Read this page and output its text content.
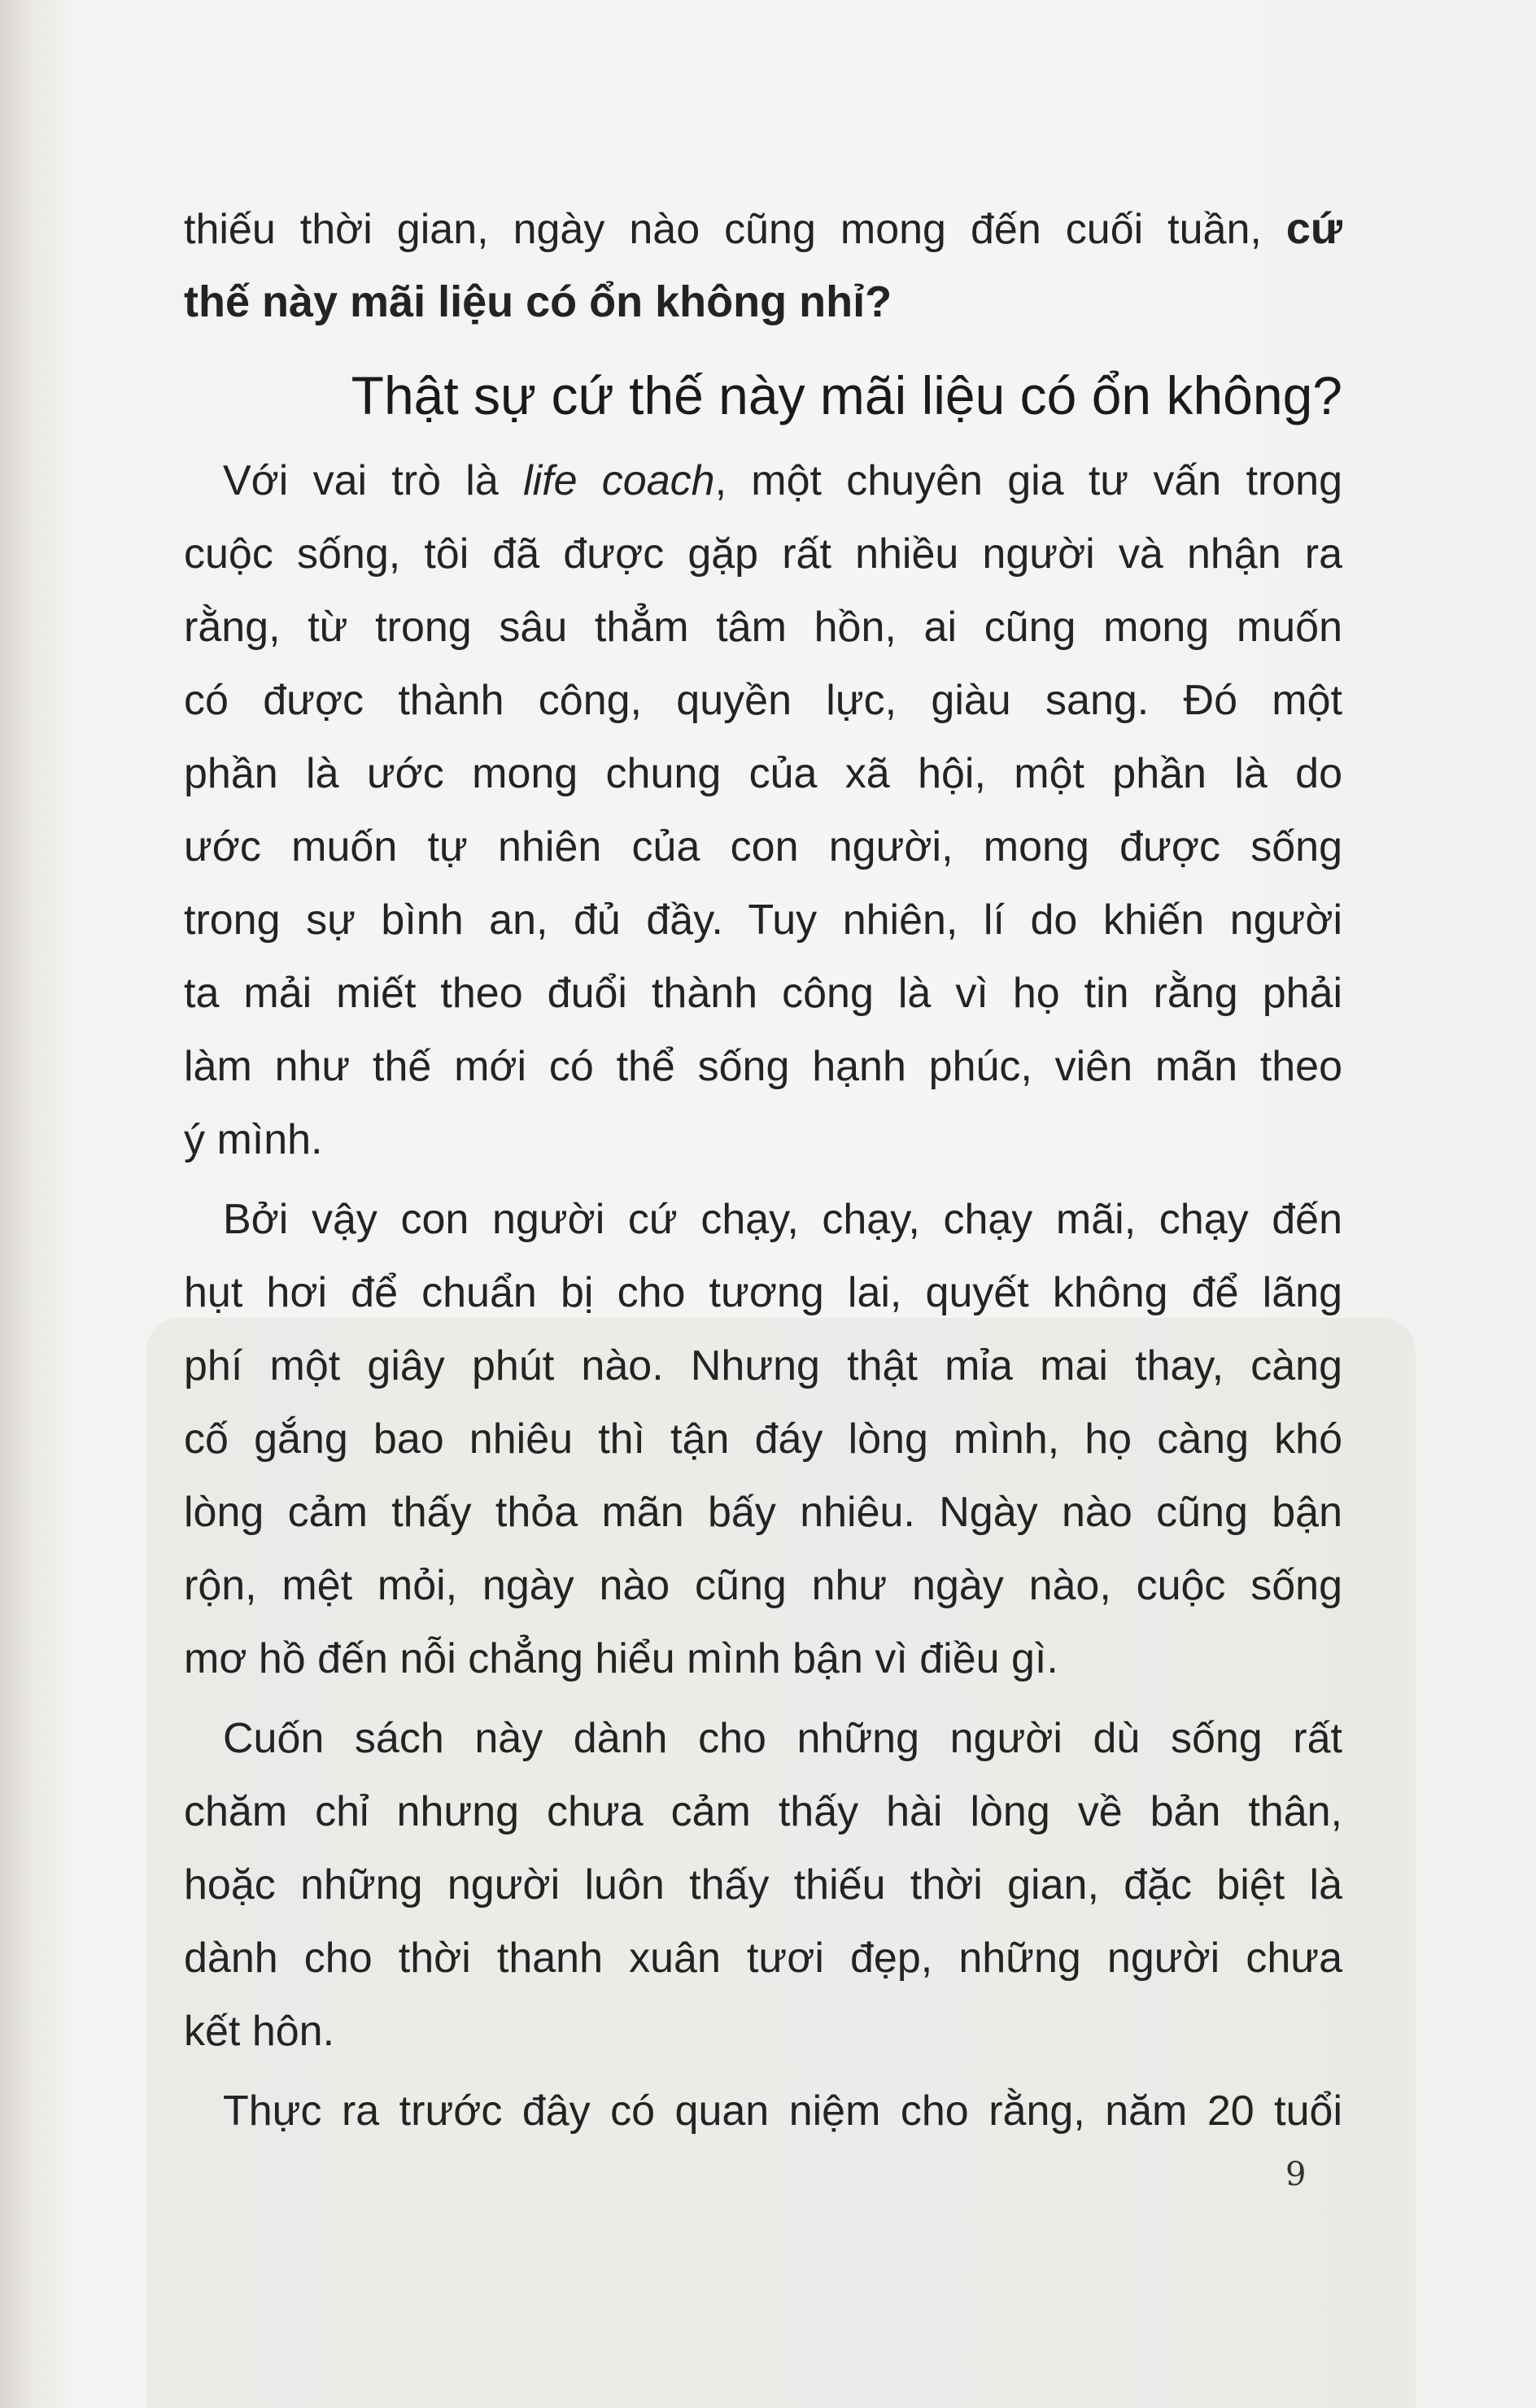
thiếu thời gian, ngày nào cũng mong đến cuối tuần, cứ
thế này mãi liệu có ổn không nhỉ?
Thật sự cứ thế này mãi liệu có ổn không?
Với vai trò là life coach, một chuyên gia tư vấn trong
cuộc sống, tôi đã được gặp rất nhiều người và nhận ra
rằng, từ trong sâu thẳm tâm hồn, ai cũng mong muốn
có được thành công, quyền lực, giàu sang. Đó một
phần là ước mong chung của xã hội, một phần là do
ước muốn tự nhiên của con người, mong được sống
trong sự bình an, đủ đầy. Tuy nhiên, lí do khiến người
ta mải miết theo đuổi thành công là vì họ tin rằng phải
làm như thế mới có thể sống hạnh phúc, viên mãn theo
ý mình.
Bởi vậy con người cứ chạy, chạy, chạy mãi, chạy đến
hụt hơi để chuẩn bị cho tương lai, quyết không để lãng
phí một giây phút nào. Nhưng thật mỉa mai thay, càng
cố gắng bao nhiêu thì tận đáy lòng mình, họ càng khó
lòng cảm thấy thỏa mãn bấy nhiêu. Ngày nào cũng bận
rộn, mệt mỏi, ngày nào cũng như ngày nào, cuộc sống
mơ hồ đến nỗi chẳng hiểu mình bận vì điều gì.
Cuốn sách này dành cho những người dù sống rất
chăm chỉ nhưng chưa cảm thấy hài lòng về bản thân,
hoặc những người luôn thấy thiếu thời gian, đặc biệt là
dành cho thời thanh xuân tươi đẹp, những người chưa
kết hôn.
Thực ra trước đây có quan niệm cho rằng, năm 20 tuổi
9
